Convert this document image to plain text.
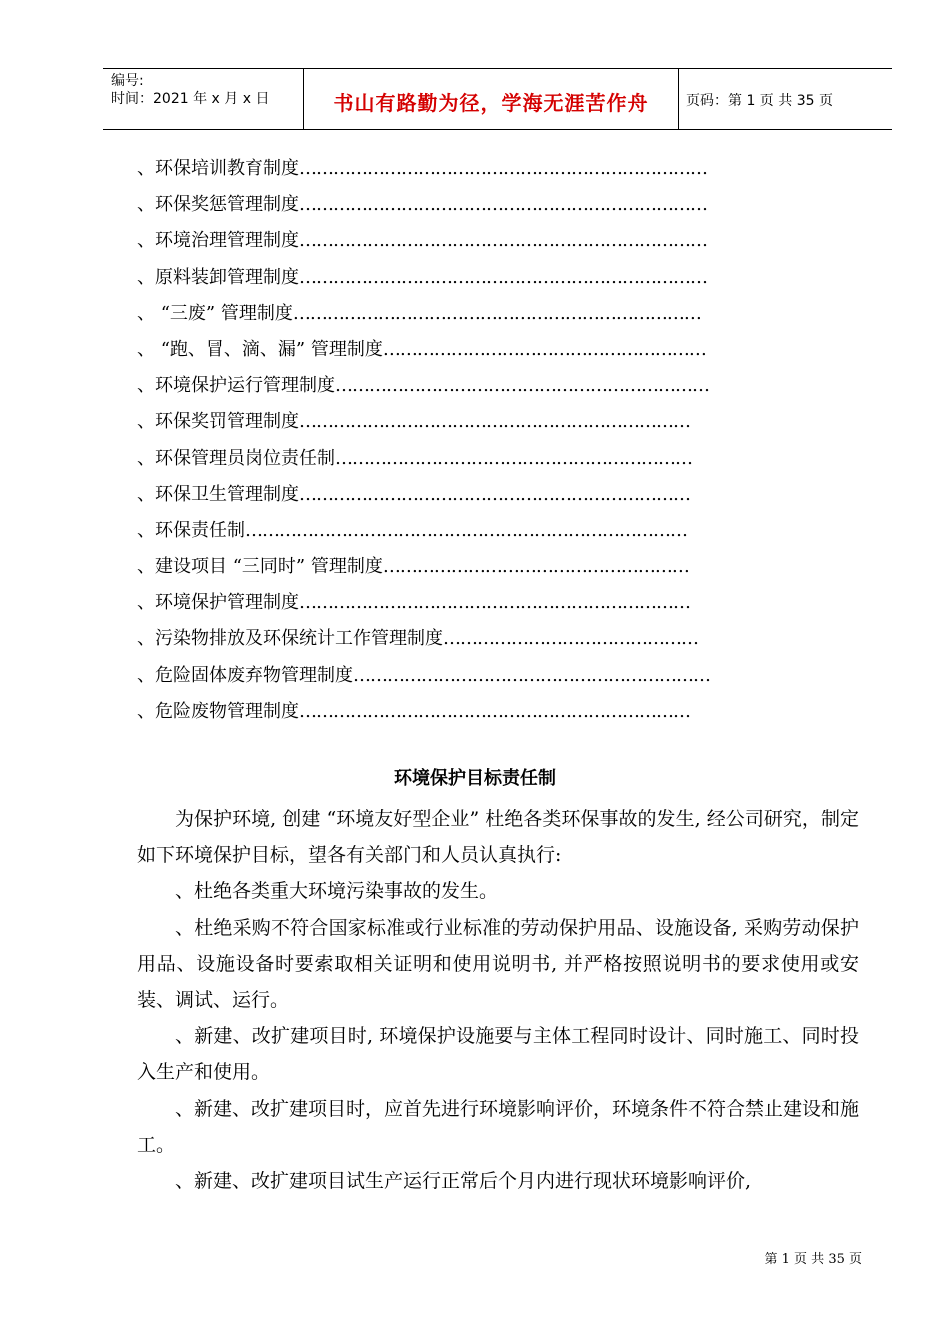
编号:
时间：2021 年 x 月 x 日	书山有路勤为径，学海无涯苦作舟	页码：第 1 页 共 35 页
、环保培训教育制度………………………………………………………………
、环保奖惩管理制度………………………………………………………………
、环境治理管理制度………………………………………………………………
、原料装卸管理制度………………………………………………………………
、 “三废” 管理制度………………………………………………………………
、 “跑、冒、滴、漏” 管理制度…………………………………………………
、环境保护运行管理制度…………………………………………………………
、环保奖罚管理制度……………………………………………………………
、环保管理员岗位责任制………………………………………………………
、环保卫生管理制度……………………………………………………………
、环保责任制……………………………………………………………………
、建设项目 “三同时” 管理制度………………………………………………
、环境保护管理制度……………………………………………………………
、污染物排放及环保统计工作管理制度………………………………………
、危险固体废弃物管理制度………………………………………………………
、危险废物管理制度……………………………………………………………
环境保护目标责任制

为保护环境, 创建 “环境友好型企业” 杜绝各类环保事故的发生, 经公司研究，制定如下环境保护目标，望各有关部门和人员认真执行:

、杜绝各类重大环境污染事故的发生。

、杜绝采购不符合国家标准或行业标准的劳动保护用品、设施设备, 采购劳动保护用品、设施设备时要索取相关证明和使用说明书, 并严格按照说明书的要求使用或安装、调试、运行。

、新建、改扩建项目时, 环境保护设施要与主体工程同时设计、同时施工、同时投入生产和使用。

、新建、改扩建项目时，应首先进行环境影响评价，环境条件不符合禁止建设和施工。

、新建、改扩建项目试生产运行正常后个月内进行现状环境影响评价,

第 1 页 共 35 页
